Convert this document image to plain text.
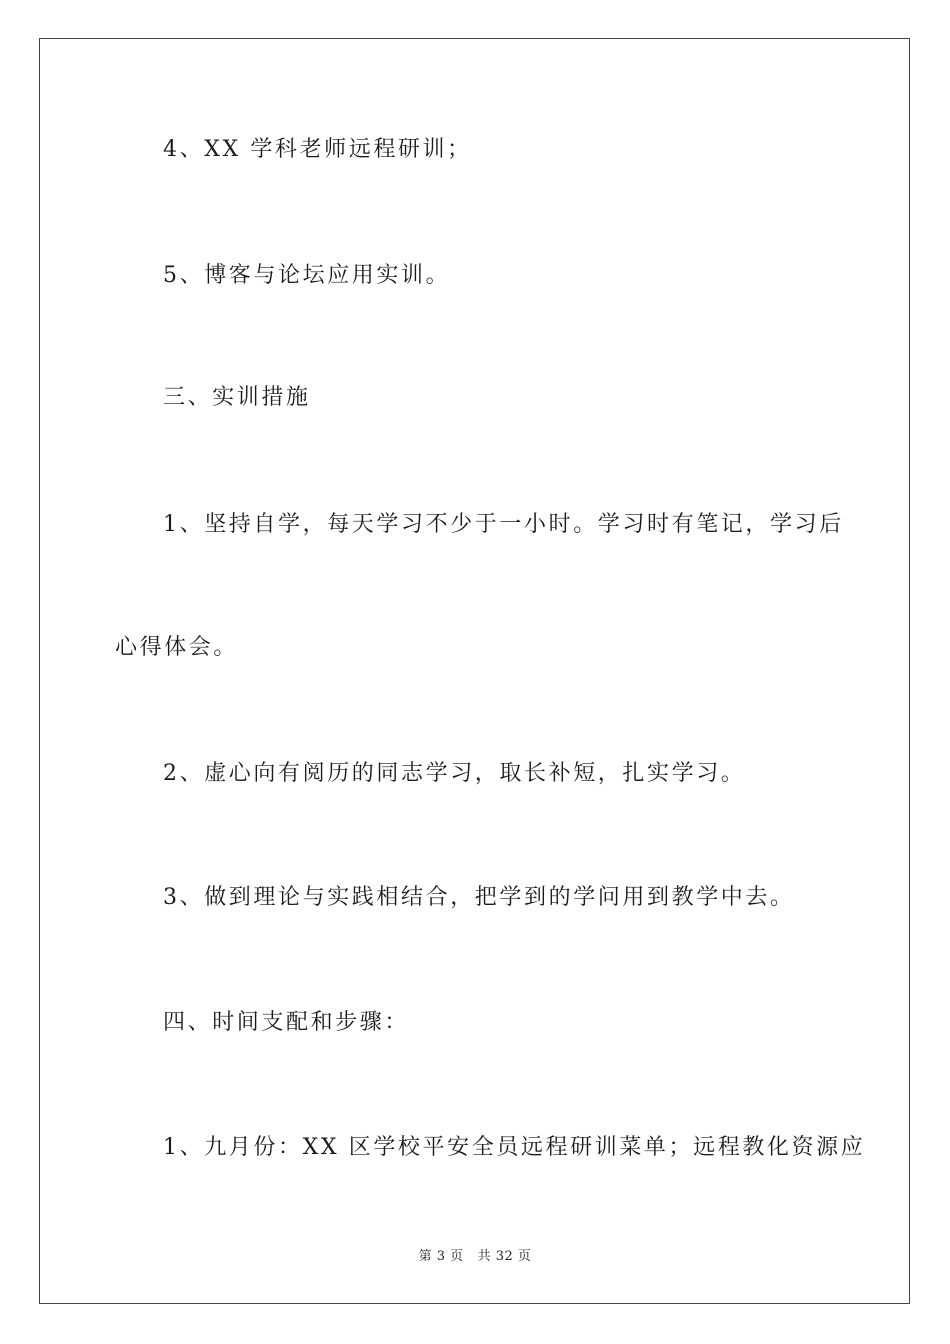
4、XX 学科老师远程研训；

5、博客与论坛应用实训。

三、实训措施

1、坚持自学，每天学习不少于一小时。学习时有笔记，学习后

心得体会。

2、虚心向有阅历的同志学习，取长补短，扎实学习。

3、做到理论与实践相结合，把学到的学问用到教学中去。

四、时间支配和步骤：

1、九月份：XX 区学校平安全员远程研训菜单；远程教化资源应

第 3 页 共 32 页
